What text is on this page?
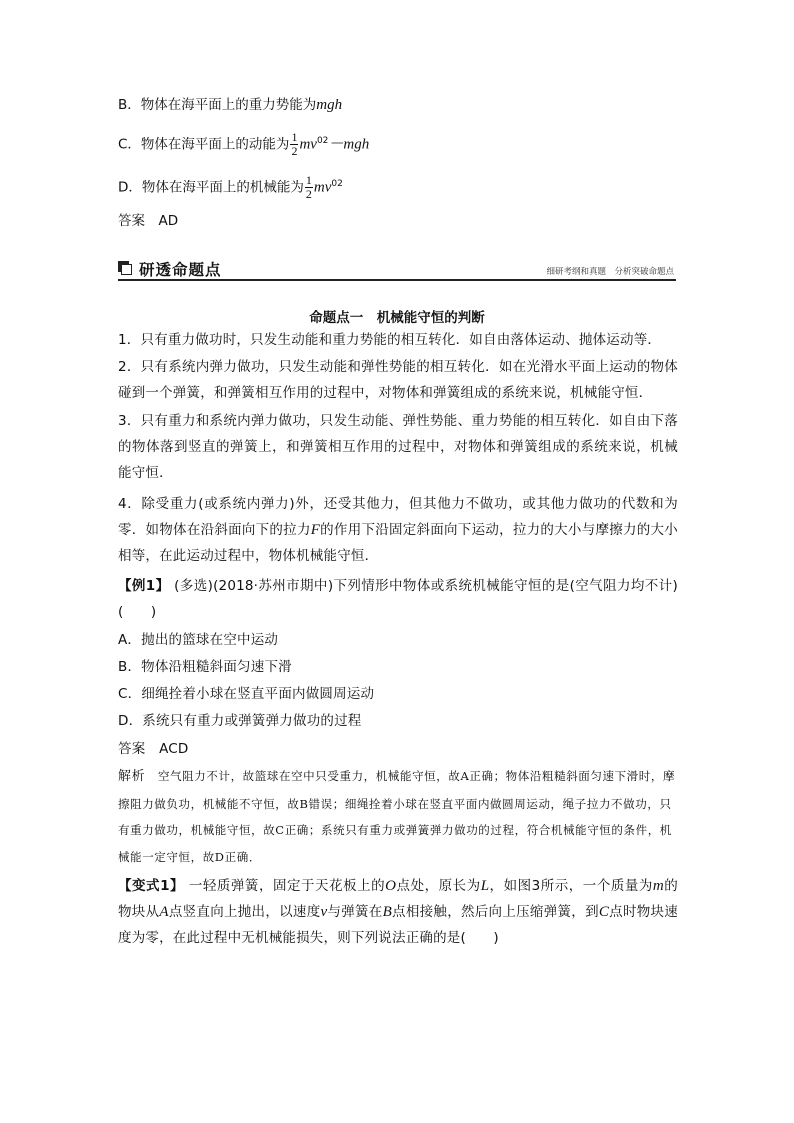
B．物体在海平面上的重力势能为mgh
C．物体在海平面上的动能为 $\frac{1}{2} mv^{02}-mgh$
D．物体在海平面上的机械能为 $\frac{1}{2} mv^{02}$
答案　AD
研透命题点	细研考纲和真题　分析突破命题点
命题点一　机械能守恒的判断
1．只有重力做功时，只发生动能和重力势能的相互转化．如自由落体运动、抛体运动等．
2．只有系统内弹力做功，只发生动能和弹性势能的相互转化．如在光滑水平面上运动的物体碰到一个弹簧，和弹簧相互作用的过程中，对物体和弹簧组成的系统来说，机械能守恒．
3．只有重力和系统内弹力做功，只发生动能、弹性势能、重力势能的相互转化．如自由下落的物体落到竖直的弹簧上，和弹簧相互作用的过程中，对物体和弹簧组成的系统来说，机械能守恒．
4．除受重力(或系统内弹力)外，还受其他力，但其他力不做功，或其他力做功的代数和为零．如物体在沿斜面向下的拉力F的作用下沿固定斜面向下运动，拉力的大小与摩擦力的大小相等，在此运动过程中，物体机械能守恒．
【例1】 (多选)(2018·苏州市期中)下列情形中物体或系统机械能守恒的是(空气阻力均不计)(　　)
A．抛出的篮球在空中运动
B．物体沿粗糙斜面匀速下滑
C．细绳拴着小球在竖直平面内做圆周运动
D．系统只有重力或弹簧弹力做功的过程
答案　ACD
解析 空气阻力不计，故篮球在空中只受重力，机械能守恒，故A正确；物体沿粗糙斜面匀速下滑时，摩擦阻力做负功，机械能不守恒，故B错误；细绳拴着小球在竖直平面内做圆周运动，绳子拉力不做功，只有重力做功，机械能守恒，故C正确；系统只有重力或弹簧弹力做功的过程，符合机械能守恒的条件，机械能一定守恒，故D正确．
【变式1】 一轻质弹簧，固定于天花板上的O点处，原长为L，如图3所示，一个质量为m的物块从A点竖直向上抛出，以速度v与弹簧在B点相接触，然后向上压缩弹簧，到C点时物块速度为零，在此过程中无机械能损失，则下列说法正确的是(　　)
